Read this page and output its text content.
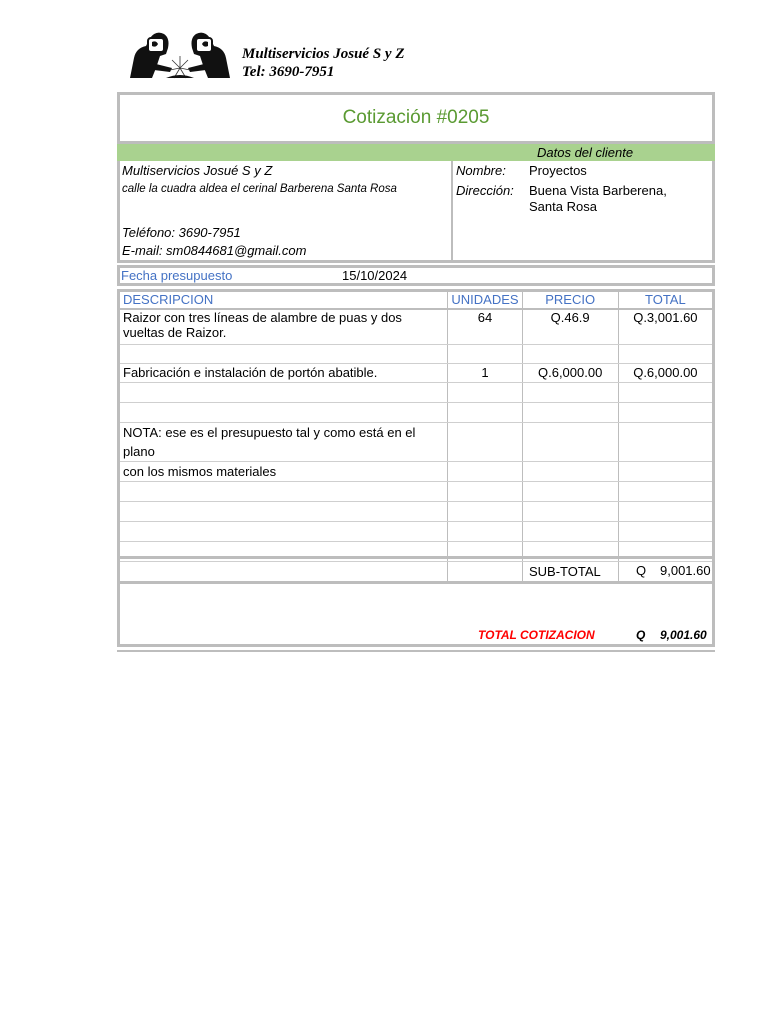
Multiservicios Josué S y Z
Tel: 3690-7951
Cotización #0205
Datos del cliente
Multiservicios Josué S y Z
calle la cuadra aldea el cerinal Barberena Santa Rosa
Teléfono: 3690-7951
E-mail: sm0844681@gmail.com
Nombre: Proyectos
Dirección: Buena Vista Barberena,
Santa Rosa
Fecha presupuesto	15/10/2024
DESCRIPCION	UNIDADES	PRECIO	TOTAL
Raizor con tres líneas de alambre de puas y dos vueltas de Raizor.	64	Q.46.9	Q.3,001.60

Fabricación e instalación de portón abatible.	1	Q.6,000.00	Q.6,000.00

NOTA: ese es el presupuesto tal y como está en el plano			
con los mismos materiales			

SUB-TOTAL	Q 9,001.60
TOTAL COTIZACION	Q 9,001.60
